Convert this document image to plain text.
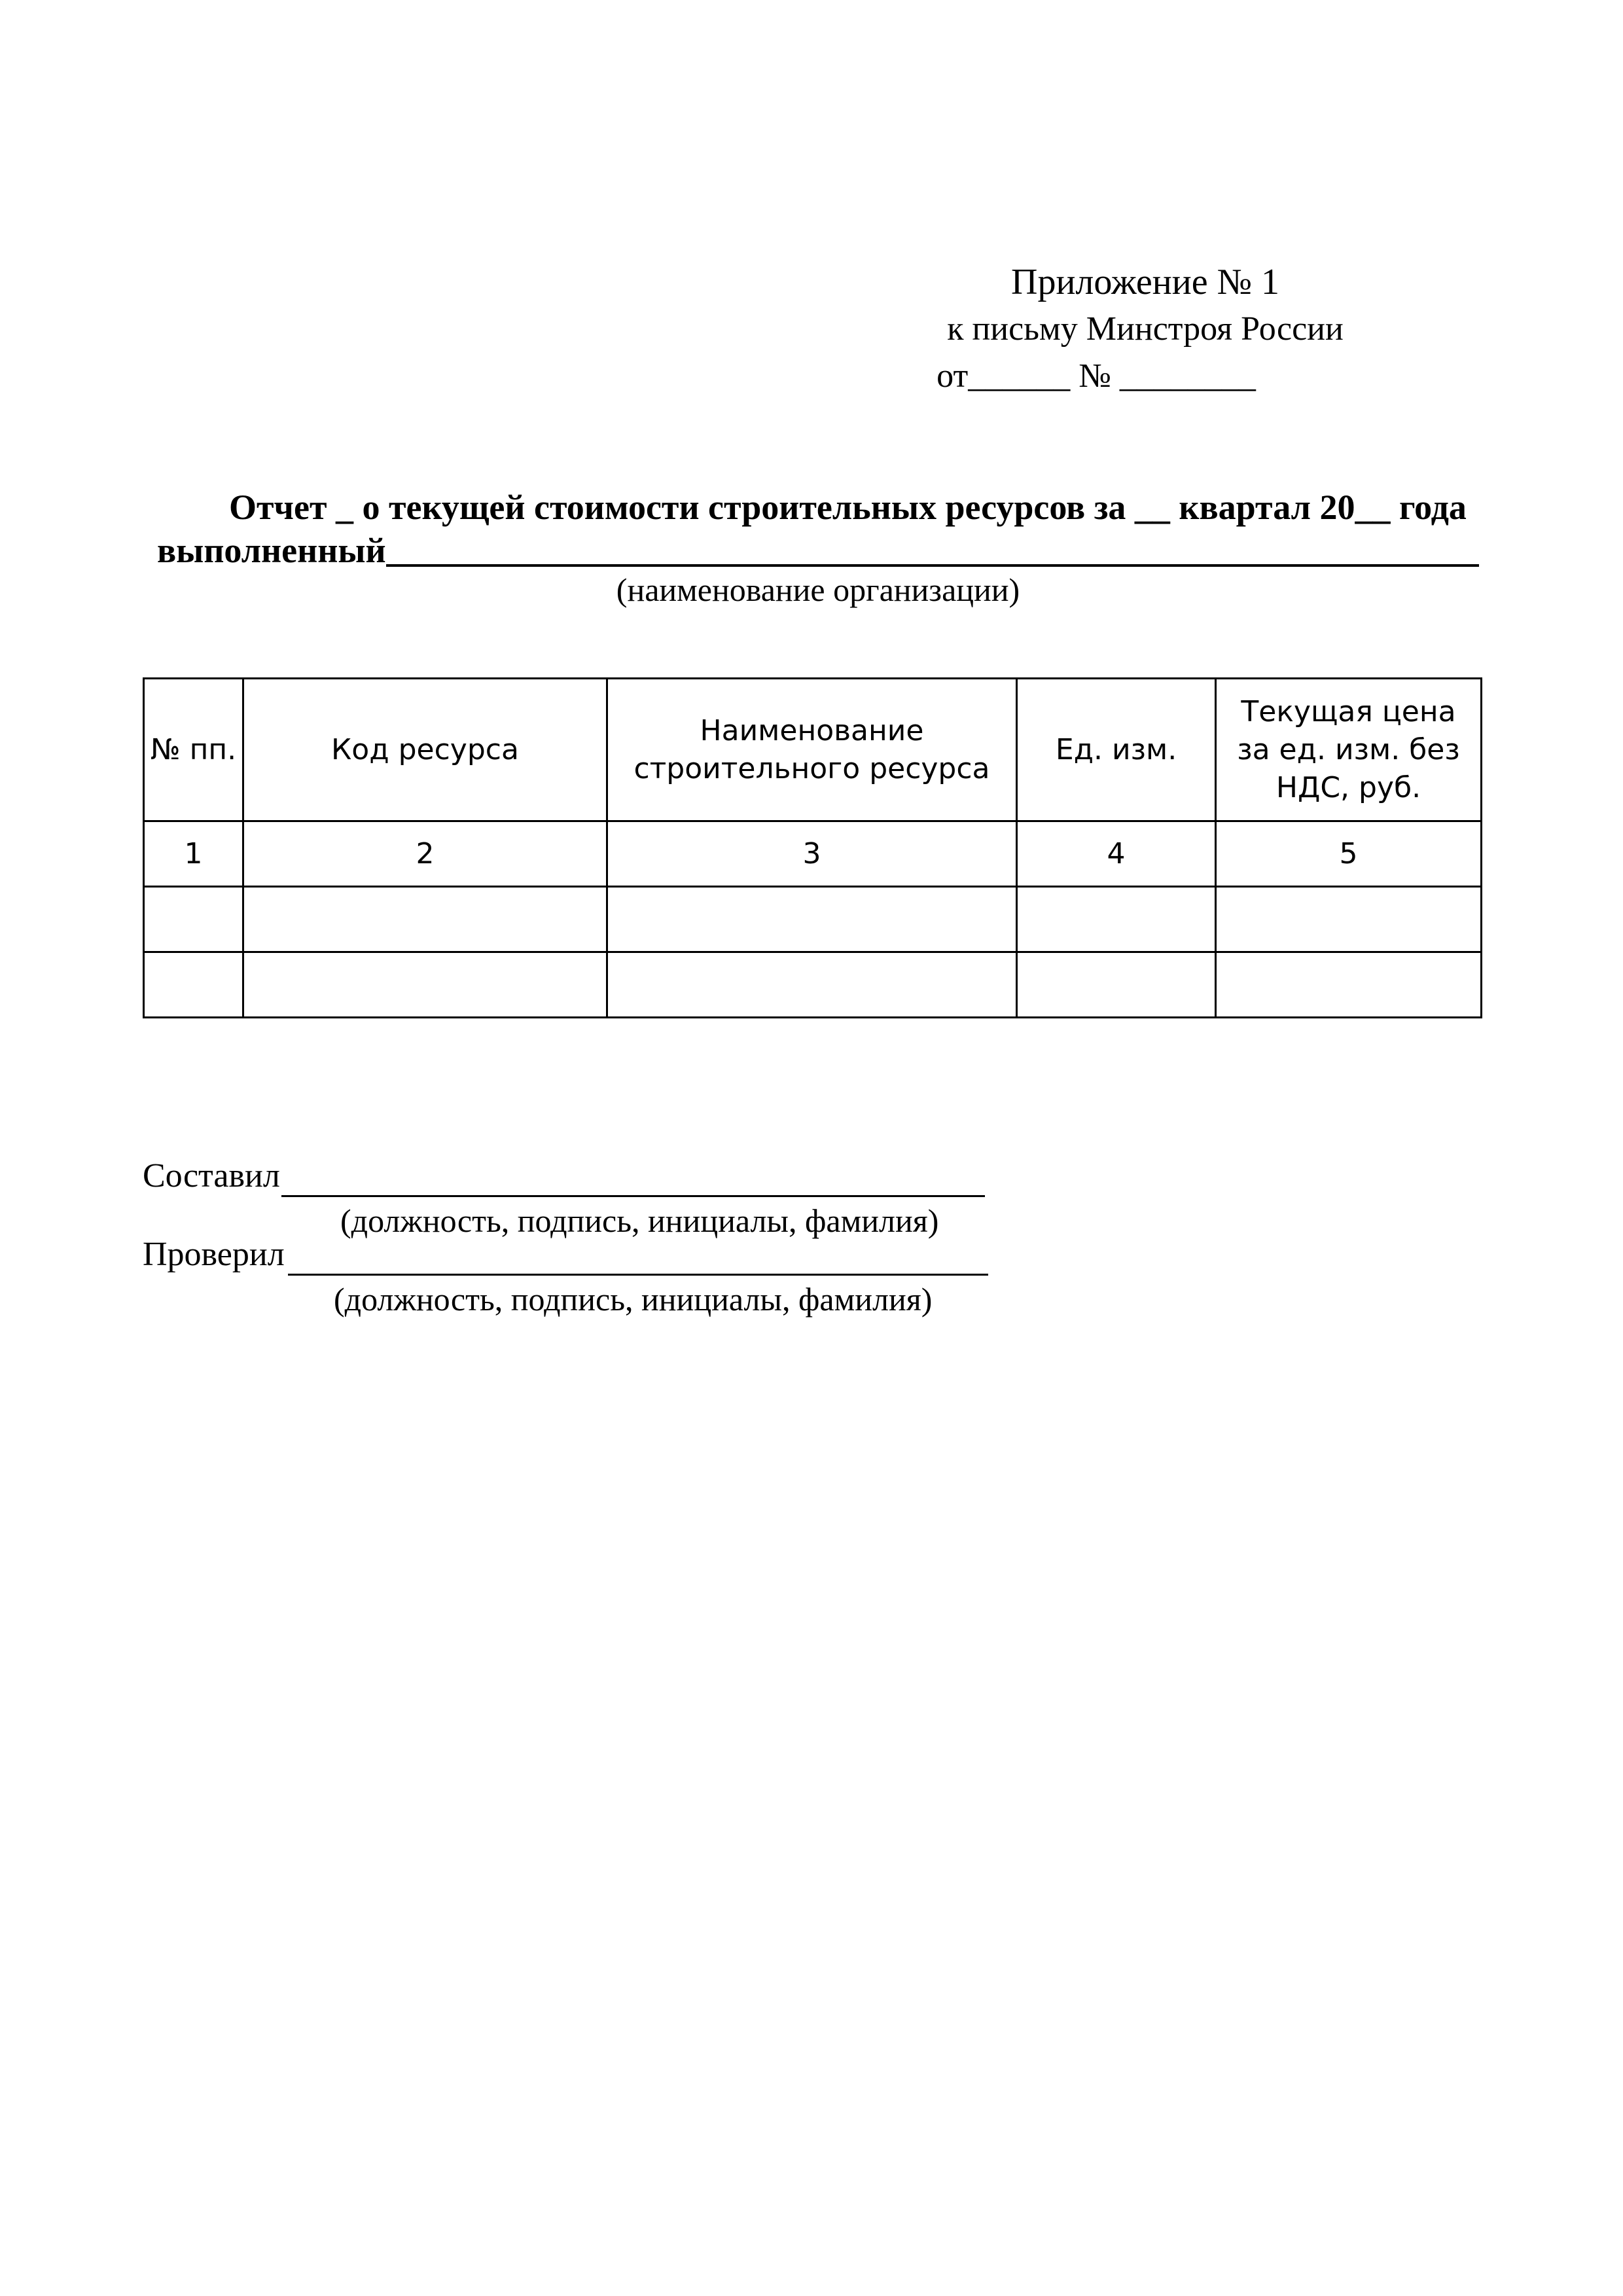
Приложение № 1
к письму Минстроя России
от______ № ________
Отчет _ о текущей стоимости строительных ресурсов за __ квартал 20__ года
выполненный
(наименование организации)
№ пп.	Код ресурса	Наименование строительного ресурса	Ед. изм.	Текущая цена за ед. изм. без НДС, руб.
1	2	3	4	5

Составил
(должность, подпись, инициалы, фамилия)
Проверил
(должность, подпись, инициалы, фамилия)
